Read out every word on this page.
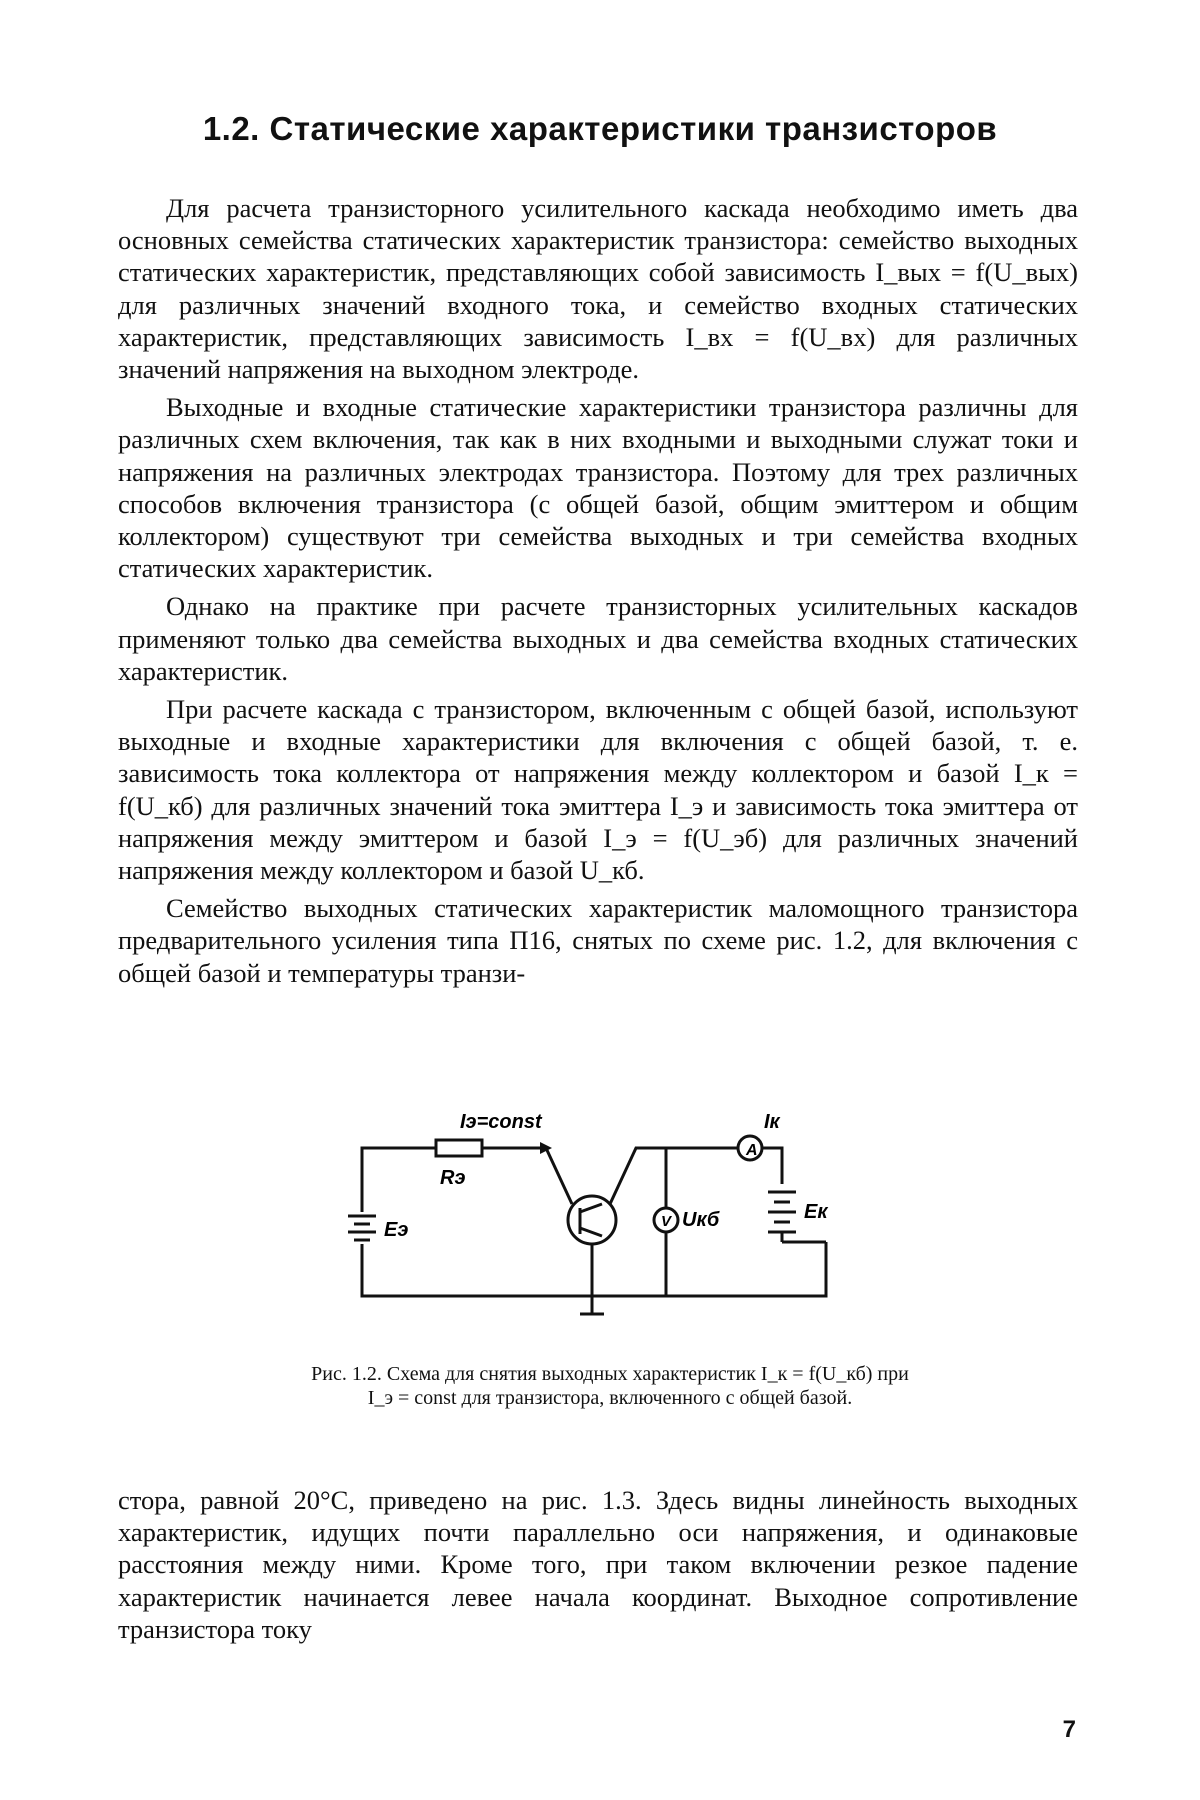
1.2. Статические характеристики транзисторов

Для расчета транзисторного усилительного каскада необходимо иметь два основных семейства статических характеристик транзистора: семейство выходных статических характеристик, представляющих собой зависимость I_вых = f(U_вых) для различных значений входного тока, и семейство входных статических характеристик, представляющих зависимость I_вх = f(U_вх) для различных значений напряжения на выходном электроде.

Выходные и входные статические характеристики транзистора различны для различных схем включения, так как в них входными и выходными служат токи и напряжения на различных электродах транзистора. Поэтому для трех различных способов включения транзистора (с общей базой, общим эмиттером и общим коллектором) существуют три семейства выходных и три семейства входных статических характеристик.

Однако на практике при расчете транзисторных усилительных каскадов применяют только два семейства выходных и два семейства входных статических характеристик.

При расчете каскада с транзистором, включенным с общей базой, используют выходные и входные характеристики для включения с общей базой, т. е. зависимость тока коллектора от напряжения между коллектором и базой I_к = f(U_кб) для различных значений тока эмиттера I_э и зависимость тока эмиттера от напряжения между эмиттером и базой I_э = f(U_эб) для различных значений напряжения между коллектором и базой U_кб.

Семейство выходных статических характеристик маломощного транзистора предварительного усиления типа П16, снятых по схеме рис. 1.2, для включения с общей базой и температуры транзи-

Iэ=const
Rэ
Eэ
A
Iк
V Uкб	Eк
Рис. 1.2. Схема для снятия выходных характеристик I_к = f(U_кб) при I_э = const для транзистора, включенного с общей базой.

стора, равной 20°C, приведено на рис. 1.3. Здесь видны линейность выходных характеристик, идущих почти параллельно оси напряжения, и одинаковые расстояния между ними. Кроме того, при таком включении резкое падение характеристик начинается левее начала координат. Выходное сопротивление транзистора току

7
